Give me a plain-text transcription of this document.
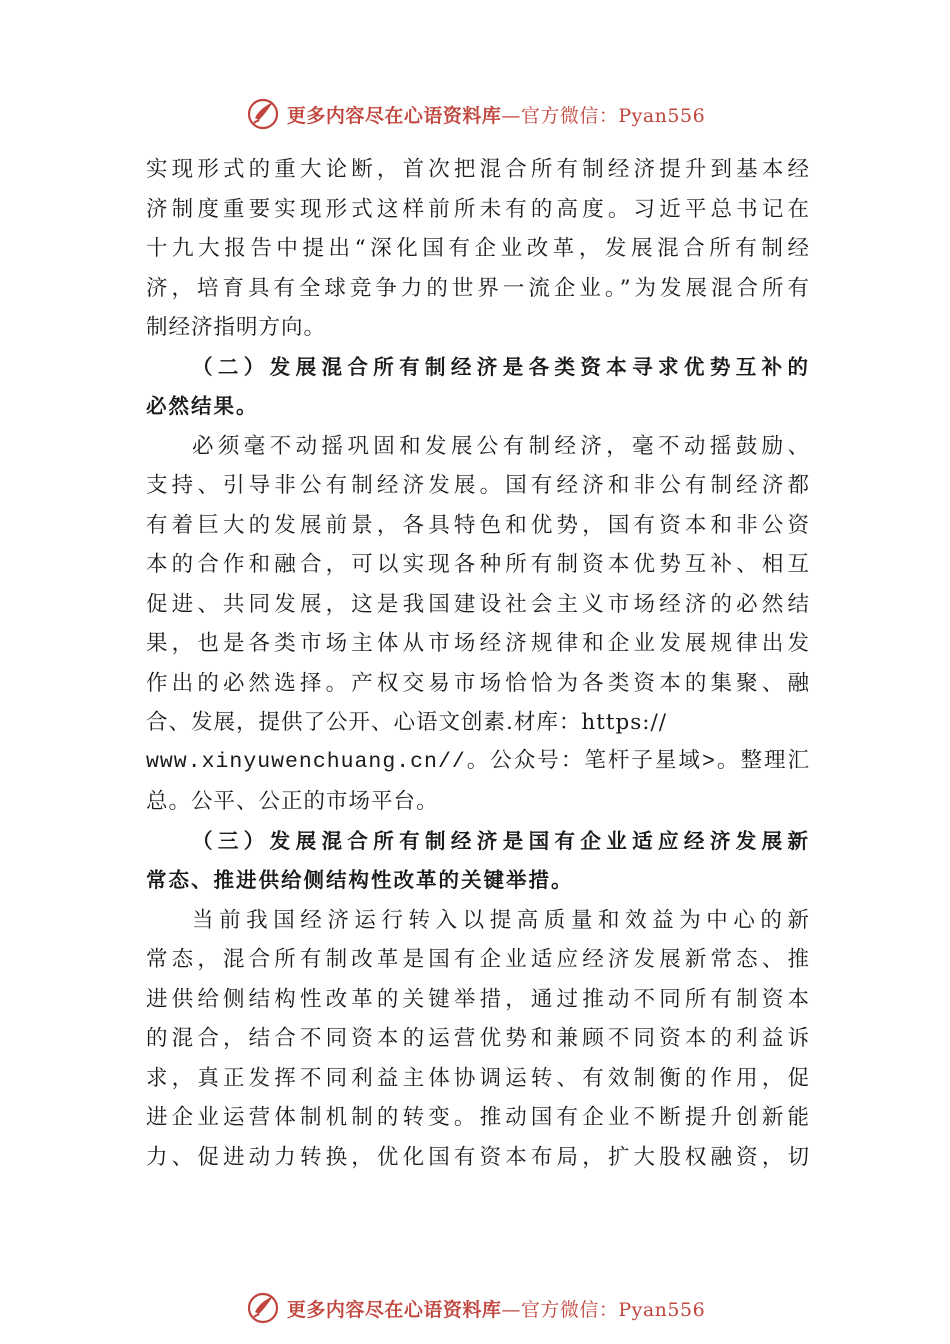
更多内容尽在心语资料库—官方微信：Pyan556
实现形式的重大论断，首次把混合所有制经济提升到基本经
济制度重要实现形式这样前所未有的高度。习近平总书记在
十九大报告中提出“深化国有企业改革，发展混合所有制经
济，培育具有全球竞争力的世界一流企业。”为发展混合所有
制经济指明方向。
（二）发展混合所有制经济是各类资本寻求优势互补的
必然结果。
必须毫不动摇巩固和发展公有制经济，毫不动摇鼓励、
支持、引导非公有制经济发展。国有经济和非公有制经济都
有着巨大的发展前景，各具特色和优势，国有资本和非公资
本的合作和融合，可以实现各种所有制资本优势互补、相互
促进、共同发展，这是我国建设社会主义市场经济的必然结
果，也是各类市场主体从市场经济规律和企业发展规律出发
作出的必然选择。产权交易市场恰恰为各类资本的集聚、融
合、发展，提供了公开、心语文创素.材库：https://
www.xinyuwenchuang.cn//。公众号：笔杆子星域>。整理汇
总。公平、公正的市场平台。
（三）发展混合所有制经济是国有企业适应经济发展新
常态、推进供给侧结构性改革的关键举措。
当前我国经济运行转入以提高质量和效益为中心的新
常态，混合所有制改革是国有企业适应经济发展新常态、推
进供给侧结构性改革的关键举措，通过推动不同所有制资本
的混合，结合不同资本的运营优势和兼顾不同资本的利益诉
求，真正发挥不同利益主体协调运转、有效制衡的作用，促
进企业运营体制机制的转变。推动国有企业不断提升创新能
力、促进动力转换，优化国有资本布局，扩大股权融资，切
更多内容尽在心语资料库—官方微信：Pyan556
